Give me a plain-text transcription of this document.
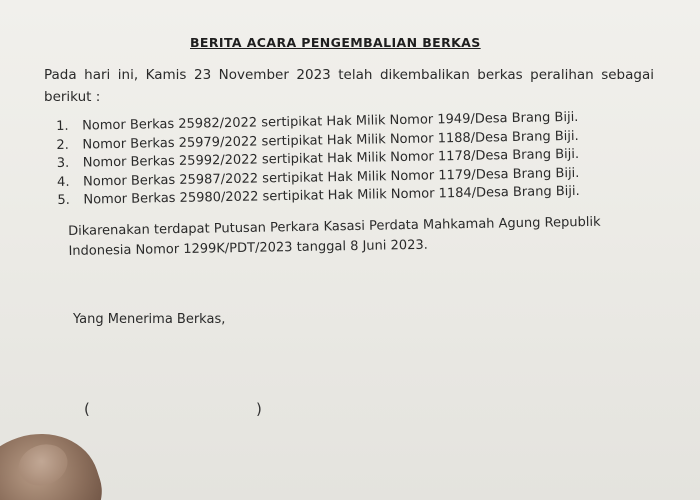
BERITA ACARA PENGEMBALIAN BERKAS
Pada hari ini, Kamis 23 November 2023 telah dikembalikan berkas peralihan sebagai berikut :
1. Nomor Berkas 25982/2022 sertipikat Hak Milik Nomor 1949/Desa Brang Biji.
2. Nomor Berkas 25979/2022 sertipikat Hak Milik Nomor 1188/Desa Brang Biji.
3. Nomor Berkas 25992/2022 sertipikat Hak Milik Nomor 1178/Desa Brang Biji.
4. Nomor Berkas 25987/2022 sertipikat Hak Milik Nomor 1179/Desa Brang Biji.
5. Nomor Berkas 25980/2022 sertipikat Hak Milik Nomor 1184/Desa Brang Biji.
Dikarenakan terdapat Putusan Perkara Kasasi Perdata Mahkamah Agung Republik Indonesia Nomor 1299K/PDT/2023 tanggal 8 Juni 2023.
Yang Menerima Berkas,
(	)
